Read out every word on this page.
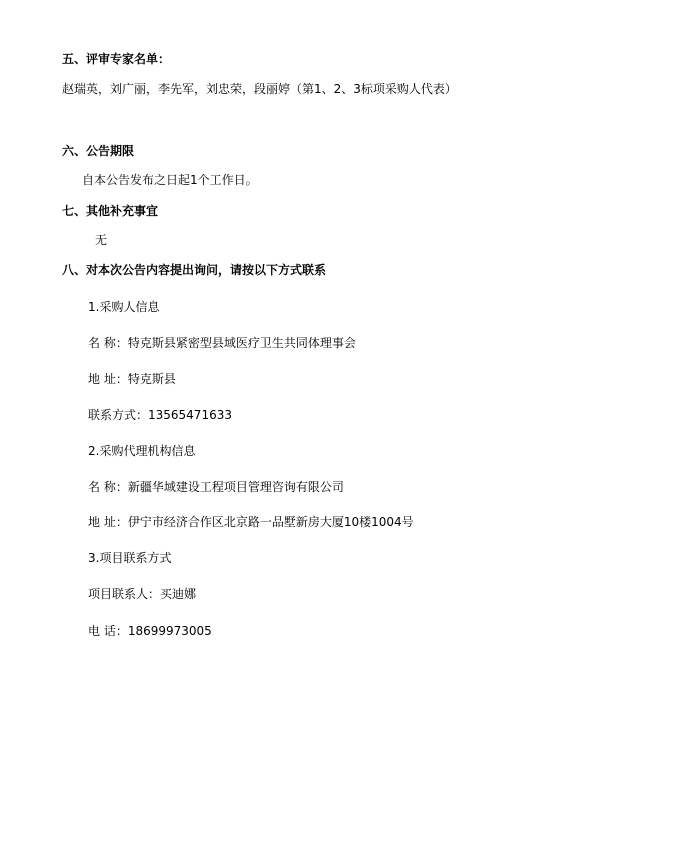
五、评审专家名单：
赵瑞英，刘广丽，李先军，刘忠荣，段丽婷（第1、2、3标项采购人代表）
六、公告期限
自本公告发布之日起1个工作日。
七、其他补充事宜
无
八、对本次公告内容提出询问，请按以下方式联系
1.采购人信息
名 称：特克斯县紧密型县域医疗卫生共同体理事会
地 址：特克斯县
联系方式：13565471633
2.采购代理机构信息
名 称：新疆华域建设工程项目管理咨询有限公司
地 址：伊宁市经济合作区北京路一品墅新房大厦10楼1004号
3.项目联系方式
项目联系人：买迪娜
电 话：18699973005
